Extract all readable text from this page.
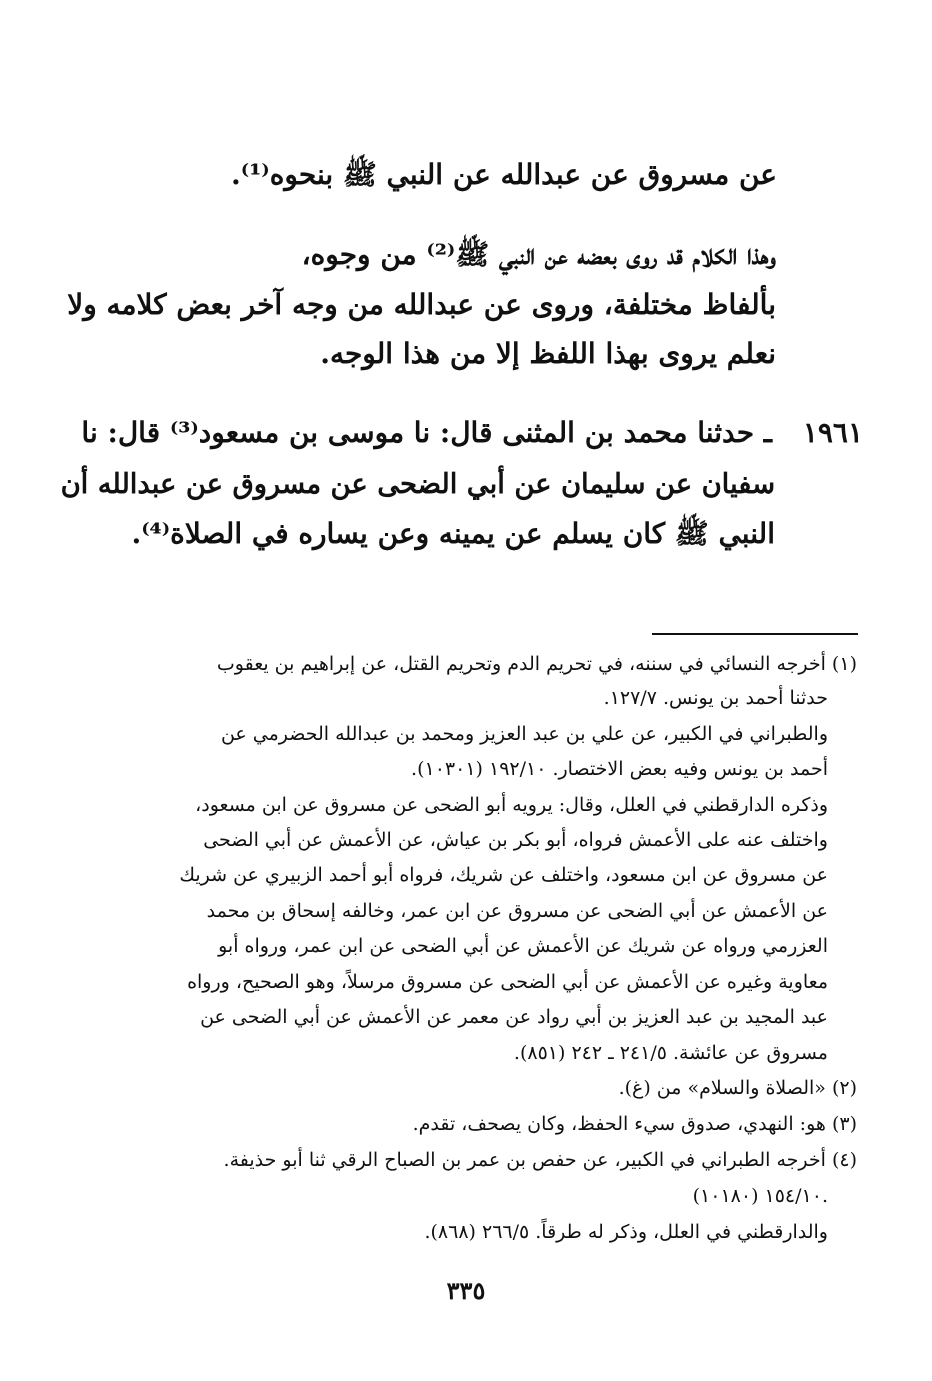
عن مسروق عن عبدالله عن النبي ﷺ بنحوه⁽¹⁾.
وهذا الكلام قد روى بعضه عن النبي ﷺ⁽²⁾ من وجوه،
بألفاظ مختلفة، وروى عن عبدالله من وجه آخر بعض كلامه ولا
نعلم يروى بهذا اللفظ إلا من هذا الوجه.
١٩٦١
ـ حدثنا محمد بن المثنى قال: نا موسى بن مسعود⁽³⁾ قال: نا
سفيان عن سليمان عن أبي الضحى عن مسروق عن عبدالله أن
النبي ﷺ كان يسلم عن يمينه وعن يساره في الصلاة⁽⁴⁾.
(١) أخرجه النسائي في سننه، في تحريم الدم وتحريم القتل، عن إبراهيم بن يعقوب
حدثنا أحمد بن يونس. ١٢٧/٧.
والطبراني في الكبير، عن علي بن عبد العزيز ومحمد بن عبدالله الحضرمي عن
أحمد بن يونس وفيه بعض الاختصار. ١٩٢/١٠ (١٠٣٠١).
وذكره الدارقطني في العلل، وقال: يرويه أبو الضحى عن مسروق عن ابن مسعود،
واختلف عنه على الأعمش فرواه، أبو بكر بن عياش، عن الأعمش عن أبي الضحى
عن مسروق عن ابن مسعود، واختلف عن شريك، فرواه أبو أحمد الزبيري عن شريك
عن الأعمش عن أبي الضحى عن مسروق عن ابن عمر، وخالفه إسحاق بن محمد
العزرمي ورواه عن شريك عن الأعمش عن أبي الضحى عن ابن عمر، ورواه أبو
معاوية وغيره عن الأعمش عن أبي الضحى عن مسروق مرسلاً، وهو الصحيح، ورواه
عبد المجيد بن عبد العزيز بن أبي رواد عن معمر عن الأعمش عن أبي الضحى عن
مسروق عن عائشة. ٢٤١/٥ ـ ٢٤٢ (٨٥١).
(٢) «الصلاة والسلام» من (غ).
(٣) هو: النهدي، صدوق سيء الحفظ، وكان يصحف، تقدم.
(٤) أخرجه الطبراني في الكبير، عن حفص بن عمر بن الصباح الرقي ثنا أبو حذيفة.
١٥٤/١٠ (١٠١٨٠).
والدارقطني في العلل، وذكر له طرقاً. ٢٦٦/٥ (٨٦٨).
٣٣٥
